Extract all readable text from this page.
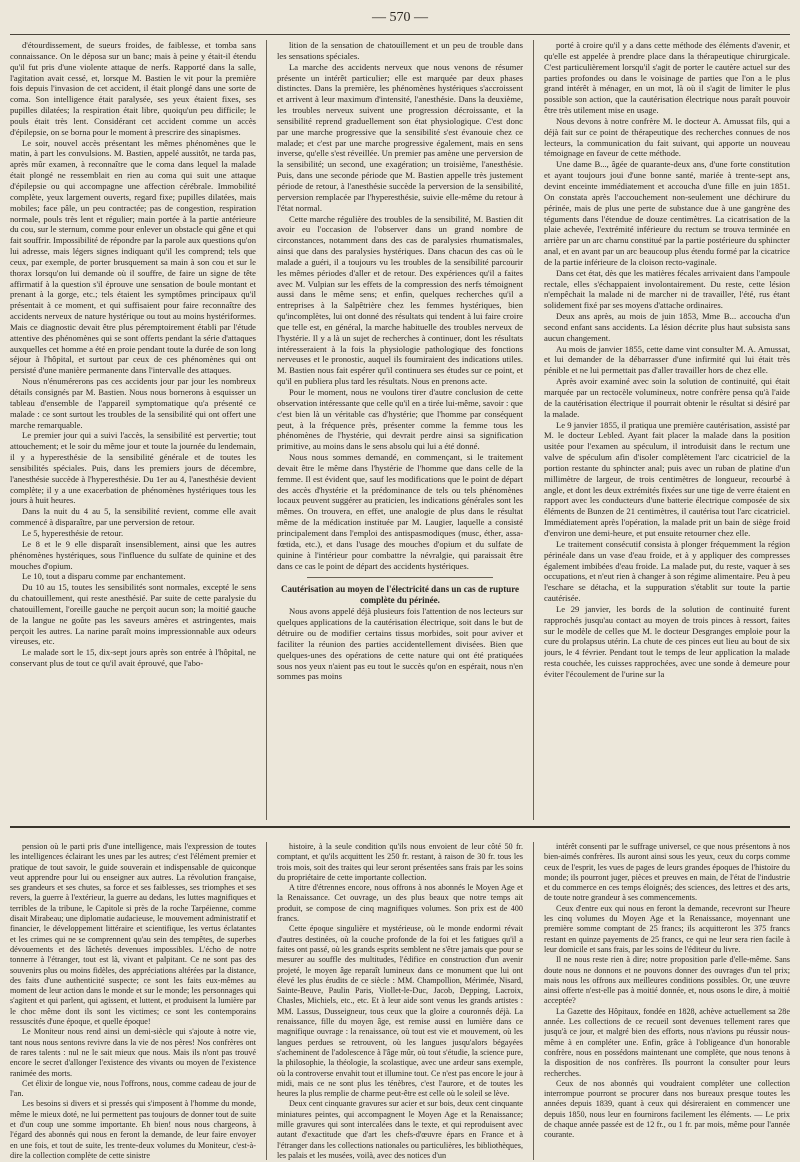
— 570 —

d'étourdissement, de sueurs froides, de faiblesse, et tomba sans connaissance. On le déposa sur un banc; mais à peine y était-il étendu qu'il fut pris d'une violente attaque de nerfs. Rapporté dans la salle, l'agitation avait cessé, et, lorsque M. Bastien le vit pour la première fois depuis l'invasion de cet accident, il était plongé dans une sorte de coma. Son intelligence était paralysée, ses yeux étaient fixes, ses pupilles dilatées; la respiration était libre, quoiqu'un peu difficile; le pouls était très lent. Considérant cet accident comme un accès d'épilepsie, on se borna pour le moment à prescrire des sinapismes.

Le soir, nouvel accès présentant les mêmes phénomènes que le matin, à part les convulsions. M. Bastien, appelé aussitôt, ne tarda pas, après mûr examen, à reconnaître que le coma dans lequel la malade était plongé ne ressemblait en rien au coma qui suit une attaque d'épilepsie ou qui accompagne une affection cérébrale. Immobilité complète, yeux largement ouverts, regard fixe; pupilles dilatées, mais mobiles; face pâle, un peu contractée; pas de congestion, respiration normale, pouls très lent et régulier; main portée à la partie antérieure du cou, sur le sternum, comme pour enlever un obstacle qui gêne et qui fait souffrir. Impossibilité de répondre par la parole aux questions qu'on lui adresse, mais légers signes indiquant qu'il les comprend; tels que ceux, par exemple, de porter brusquement sa main à son cou et sur le thorax lorsqu'on lui demande où il souffre, de faire un signe de tête affirmatif à la question s'il éprouve une sensation de boule montant et prenant à la gorge, etc.; tels étaient les symptômes principaux qu'il présentait à ce moment, et qui suffisaient pour faire reconnaître des accidents nerveux de nature hystérique ou tout au moins hystériformes. Mais ce diagnostic devait être plus péremptoirement établi par l'étude attentive des phénomènes qui se sont offerts pendant la série d'attaques auxquelles cet homme a été en proie pendant toute la durée de son long séjour à l'hôpital, et surtout par ceux de ces phénomènes qui ont persisté d'une manière permanente dans l'intervalle des attaques.

Nous n'énumérerons pas ces accidents jour par jour les nombreux détails consignés par M. Bastien. Nous nous bornerons à esquisser un tableau d'ensemble de l'appareil symptomatique qu'a présenté ce malade : ce sont surtout les troubles de la sensibilité qui ont offert une marche remarquable.

Le premier jour qui a suivi l'accès, la sensibilité est pervertie; tout attouchement; et le soir du même jour et toute la journée du lendemain, il y a hyperesthésie de la sensibilité générale et de toutes les sensibilités spéciales. Puis, dans les premiers jours de décembre, l'anesthésie succède à l'hyperesthésie. Du 1er au 4, l'anesthésie devient complète; il y a une exacerbation de phénomènes hystériques tous les jours à huit heures.

Dans la nuit du 4 au 5, la sensibilité revient, comme elle avait commencé à disparaître, par une perversion de retour.

Le 5, hyperesthésie de retour.

Le 8 et le 9 elle disparaît insensiblement, ainsi que les autres phénomènes hystériques, sous l'influence du sulfate de quinine et des mouches d'opium.

Le 10, tout a disparu comme par enchantement.

Du 10 au 15, toutes les sensibilités sont normales, excepté le sens du chatouillement, qui reste anesthésié. Par suite de cette paralysie du chatouillement, l'oreille gauche ne perçoit aucun son; la moitié gauche de la langue ne goûte pas les saveurs amères et astringentes, mais perçoit les autres. La narine paraît moins impressionnable aux odeurs vireuses, etc.

Le malade sort le 15, dix-sept jours après son entrée à l'hôpital, ne conservant plus de tout ce qu'il avait éprouvé, que l'abo-

lition de la sensation de chatouillement et un peu de trouble dans les sensations spéciales.

La marche des accidents nerveux que nous venons de résumer présente un intérêt particulier; elle est marquée par deux phases distinctes. Dans la première, les phénomènes hystériques s'accroissent et arrivent à leur maximum d'intensité, l'anesthésie. Dans la deuxième, les troubles nerveux suivent une progression décroissante, et la sensibilité reprend graduellement son état physiologique. C'est donc par une marche progressive que la sensibilité s'est évanouie chez ce malade; et c'est par une marche progressive également, mais en sens inverse, qu'elle s'est réveillée. Un premier pas amène une perversion de la sensibilité; un second, une exagération; un troisième, l'anesthésie. Puis, dans une seconde période que M. Bastien appelle très justement période de retour, à l'anesthésie succède la perversion de la sensibilité, perversion remplacée par l'hyperesthésie, suivie elle-même du retour à l'état normal.

Cette marche régulière des troubles de la sensibilité, M. Bastien dit avoir eu l'occasion de l'observer dans un grand nombre de circonstances, notamment dans des cas de paralysies rhumatismales, ainsi que dans des paralysies hystériques. Dans chacun des cas où le malade a guéri, il a toujours vu les troubles de la sensibilité parcourir les mêmes périodes d'aller et de retour. Des expériences qu'il a faites avec M. Vulpian sur les effets de la compression des nerfs témoignent aussi dans le même sens; et enfin, quelques recherches qu'il a entreprises à la Salpêtrière chez les femmes hystériques, bien qu'incomplètes, lui ont donné des résultats qui tendent à lui faire croire que telle est, en général, la marche habituelle des troubles nerveux de l'hystérie. Il y a là un sujet de recherches à continuer, dont les résultats intéresseraient à la fois la physiologie pathologique des fonctions nerveuses et le pronostic, auquel ils fourniraient des indications utiles. M. Bastien nous fait espérer qu'il continuera ses études sur ce point, et qu'il en publiera plus tard les résultats. Nous en prenons acte.

Pour le moment, nous ne voulons tirer d'autre conclusion de cette observation intéressante que celle qu'il en a tirée lui-même, savoir : que c'est bien là un véritable cas d'hystérie; que l'homme par conséquent peut, à la fréquence près, présenter comme la femme tous les phénomènes de l'hystérie, qui devrait perdre ainsi sa signification primitive, au moins dans le sens absolu qui lui a été donné.

Nous nous sommes demandé, en commençant, si le traitement devait être le même dans l'hystérie de l'homme que dans celle de la femme. Il est évident que, sauf les modifications que le point de départ des accès d'hystérie et la prédominance de tels ou tels phénomènes locaux peuvent suggérer au praticien, les indications générales sont les mêmes. On trouvera, en effet, une analogie de plus dans le résultat même de la médication instituée par M. Laugier, laquelle a consisté principalement dans l'emploi des antispasmodiques (musc, éther, assa-fœtida, etc.), et dans l'usage des mouches d'opium et du sulfate de quinine à l'intérieur pour combattre la névralgie, qui paraissait être dans ce cas le point de départ des accidents hystériques.

Cautérisation au moyen de l'électricité dans un cas de rupture complète du périnée.

Nous avons appelé déjà plusieurs fois l'attention de nos lecteurs sur quelques applications de la cautérisation électrique, soit dans le but de détruire ou de modifier certains tissus morbides, soit pour aviver et faciliter la réunion des parties accidentellement divisées. Bien que quelques-unes des opérations de cette nature qui ont été pratiquées sous nos yeux n'aient pas eu tout le succès qu'on en espérait, nous n'en sommes pas moins

porté à croire qu'il y a dans cette méthode des éléments d'avenir, et qu'elle est appelée à prendre place dans la thérapeutique chirurgicale. C'est particulièrement lorsqu'il s'agit de porter le cautère actuel sur des parties profondes ou dans le voisinage de parties que l'on a le plus grand intérêt à ménager, en un mot, là où il s'agit de limiter le plus possible son action, que la cautérisation électrique nous paraît pouvoir être très utilement mise en usage.

Nous devons à notre confrère M. le docteur A. Amussat fils, qui a déjà fait sur ce point de thérapeutique des recherches connues de nos lecteurs, la communication du fait suivant, qui apporte un nouveau témoignage en faveur de cette méthode.

Une dame B..., âgée de quarante-deux ans, d'une forte constitution et ayant toujours joui d'une bonne santé, mariée à trente-sept ans, devint enceinte immédiatement et accoucha d'une fille en juin 1851. On constata après l'accouchement non-seulement une déchirure du périnée, mais de plus une perte de substance due à une gangrène des téguments dans l'étendue de douze centimètres. La cicatrisation de la plaie achevée, l'extrémité inférieure du rectum se trouva terminée en arrière par un arc charnu constitué par la partie postérieure du sphincter anal, et en avant par un arc beaucoup plus étendu formé par la cicatrice de la partie inférieure de la cloison recto-vaginale.

Dans cet état, dès que les matières fécales arrivaient dans l'ampoule rectale, elles s'échappaient involontairement. Du reste, cette lésion n'empêchait la malade ni de marcher ni de travailler, l'été, rus étant solidement fixé par ses moyens d'attache ordinaires.

Deux ans après, au mois de juin 1853, Mme B... accoucha d'un second enfant sans accidents. La lésion décrite plus haut subsista sans aucun changement.

Au mois de janvier 1855, cette dame vint consulter M. A. Amussat, et lui demander de la débarrasser d'une infirmité qui lui était très pénible et ne lui permettait pas d'aller travailler hors de chez elle.

Après avoir examiné avec soin la solution de continuité, qui était marquée par un rectocèle volumineux, notre confrère pensa qu'à l'aide de la cautérisation électrique il pourrait obtenir le résultat si désiré par la malade.

Le 9 janvier 1855, il pratiqua une première cautérisation, assisté par M. le docteur Lebled. Ayant fait placer la malade dans la position usitée pour l'examen au spéculum, il introduisit dans le rectum une valve de spéculum afin d'isoler complètement l'arc cicatriciel de la portion restante du sphincter anal; puis avec un ruban de platine d'un millimètre de largeur, de trois centimètres de longueur, recourbé à angle, et dont les deux extrémités fixées sur une tige de verre étaient en rapport avec les conducteurs d'une batterie électrique composée de six éléments de Bunzen de 21 centimètres, il cautérisa tout l'arc cicatriciel. Immédiatement après l'opération, la malade prit un bain de siège froid d'environ une demi-heure, et put ensuite retourner chez elle.

Le traitement consécutif consista à plonger fréquemment la région périnéale dans un vase d'eau froide, et à y appliquer des compresses également imbibées d'eau froide. La malade put, du reste, vaquer à ses occupations, et n'eut rien à changer à son régime alimentaire. Peu à peu l'eschare se détacha, et la suppuration s'établit sur toute la partie cautérisée.

Le 29 janvier, les bords de la solution de continuité furent rapprochés jusqu'au contact au moyen de trois pinces à ressort, faites sur le modèle de celles que M. le docteur Desgranges emploie pour la cure du prolapsus utérin. La chute de ces pinces eut lieu au bout de six jours, le 4 février. Pendant tout le temps de leur application la malade resta couchée, les cuisses rapprochées, avec une sonde à demeure pour éviter l'écoulement de l'urine sur la

pension où le parti pris d'une intelligence, mais l'expression de toutes les intelligences éclairant les unes par les autres; c'est l'élément premier et pratique de tout savoir, le guide souverain et indispensable de quiconque veut apprendre pour lui ou enseigner aux autres. La révolution française, ses grandeurs et ses chutes, sa force et ses faiblesses, ses triomphes et ses revers, la guerre à l'extérieur, la guerre au dedans, les luttes magnifiques et terribles de la tribune, le Capitole si près de la roche Tarpéienne, comme disait Mirabeau; une diplomatie audacieuse, le mouvement administratif et financier, le développement littéraire et scientifique, les vertus éclatantes et les crimes qui ne se comprennent qu'au sein des tempêtes, de superbes dévouements et des lâchetés devenues impossibles. L'écho de notre tonnerre à l'étranger, tout est là, vivant et palpitant. Ce ne sont pas des souvenirs plus ou moins fidèles, des appréciations altérées par la distance, des faits d'une authenticité suspecte; ce sont les faits eux-mêmes au moment de leur action dans le monde et sur le monde; les personnages qui s'agitent et qui parlent, qui agissent, et luttent, et produisent la lumière par le choc même dont ils sont les victimes; ce sont les contemporains ressuscités d'une époque, et quelle époque!

Le Moniteur nous rend ainsi un demi-siècle qui s'ajoute à notre vie, tant nous nous sentons revivre dans la vie de nos pères! Nos confrères ont de rares talents : nul ne le sait mieux que nous. Mais ils n'ont pas trouvé encore le secret d'allonger l'existence des vivants ou moyen de l'existence ranimée des morts.

Cet élixir de longue vie, nous l'offrons, nous, comme cadeau de jour de l'an.

Les besoins si divers et si pressés qui s'imposent à l'homme du monde, même le mieux doté, ne lui permettent pas toujours de donner tout de suite et d'un coup une somme importante. Eh bien! nous nous chargeons, à l'égard des abonnés qui nous en feront la demande, de leur faire envoyer en une fois, et tout de suite, les trente-deux volumes du Moniteur, c'est-à-dire la collection complète de cette sinistre

histoire, à la seule condition qu'ils nous envoient de leur côté 50 fr. comptant, et qu'ils acquittent les 250 fr. restant, à raison de 30 fr. tous les trois mois, soit des traites qui leur seront présentées sans frais par les soins du propriétaire de cette importante collection.

A titre d'étrennes encore, nous offrons à nos abonnés le Moyen Age et la Renaissance. Cet ouvrage, un des plus beaux que notre temps ait produit, se compose de cinq magnifiques volumes. Son prix est de 400 francs.

Cette époque singulière et mystérieuse, où le monde endormi révait d'autres destinées, où la couche profonde de la foi et les fatigues qu'il a faites ont passé, où les grands esprits semblent ne s'être jamais que pour se mesurer au souffle des multitudes, l'édifice en construction d'un avenir projeté, le moyen âge reparaît lumineux dans ce monument que lui ont élevé les plus érudits de ce siècle : MM. Champollion, Mérimée, Nisard, Sainte-Beuve, Paulin Paris, Viollet-le-Duc, Jacob, Depping, Lacroix, Chasles, Michiels, etc., etc. Et à leur aide sont venus les grands artistes : MM. Lassus, Dusseigneur, tous ceux que la gloire a couronnés déjà. La renaissance, fille du moyen âge, est remise aussi en lumière dans ce magnifique ouvrage : la renaissance, où tout est vie et mouvement, où les langues perdues se retrouvent, où les langues jusqu'alors bégayées s'acheminent de l'adolescence à l'âge mûr, où tout s'étudie, la science pure, la philosophie, la théologie, la scolastique, avec une ardeur sans exemple, où la controverse envahit tout et illumine tout. Ce n'est pas encore le jour à midi, mais ce ne sont plus les ténèbres, c'est l'aurore, et de toutes les heures la plus remplie de charme peut-être est celle où le soleil se lève.

Deux cent cinquante gravures sur acier et sur bois, deux cent cinquante miniatures peintes, qui accompagnent le Moyen Age et la Renaissance; mille gravures qui sont intercalées dans le texte, et qui reproduisent avec autant d'exactitude que d'art les chefs-d'œuvre épars en France et à l'étranger dans les collections nationales ou particulières, les bibliothèques, les palais et les musées, voilà, avec des notices d'un

intérêt consenti par le suffrage universel, ce que nous présentons à nos bien-aimés confrères. Ils auront ainsi sous les yeux, ceux du corps comme ceux de l'esprit, les vues de pages de leurs grandes époques de l'histoire du monde; ils pourront juger, pièces et preuves en main, de l'état de l'industrie et du commerce en ces temps éloignés; des sciences, des lettres et des arts, de toute notre grandeur à ses commencements.

Ceux d'entre eux qui nous en feront la demande, recevront sur l'heure les cinq volumes du Moyen Age et la Renaissance, moyennant une première somme comptant de 25 francs; ils acquitteront les 375 francs restant en quinze payements de 25 francs, ce qui ne leur sera rien facile à leur domicile et sans frais, par les soins de l'éditeur du livre.

Il ne nous reste rien à dire; notre proposition parle d'elle-même. Sans doute nous ne donnons et ne pouvons donner des ouvrages d'un tel prix; mais nous les offrons aux meilleures conditions possibles. Or, une œuvre ainsi offerte n'est-elle pas à moitié donnée, et, nous osons le dire, à moitié acceptée?

La Gazette des Hôpitaux, fondée en 1828, achève actuellement sa 28e année. Les collections de ce recueil sont devenues tellement rares que jusqu'à ce jour, et malgré bien des efforts, nous n'avions pu réussir nous-même à en compléter une. Enfin, grâce à l'obligeance d'un honorable confrère, nous en possédons maintenant une complète, que nous tenons à la disposition de nos confrères. Ils pourront la consulter pour leurs recherches.

Ceux de nos abonnés qui voudraient compléter une collection interrompue pourront se procurer dans nos bureaux presque toutes les années depuis 1839, quant à ceux qui désireraient en commencer une depuis 1850, nous leur en fournirons facilement les éléments. — Le prix de chaque année passée est de 12 fr., ou 1 fr. par mois, même pour l'année courante.
